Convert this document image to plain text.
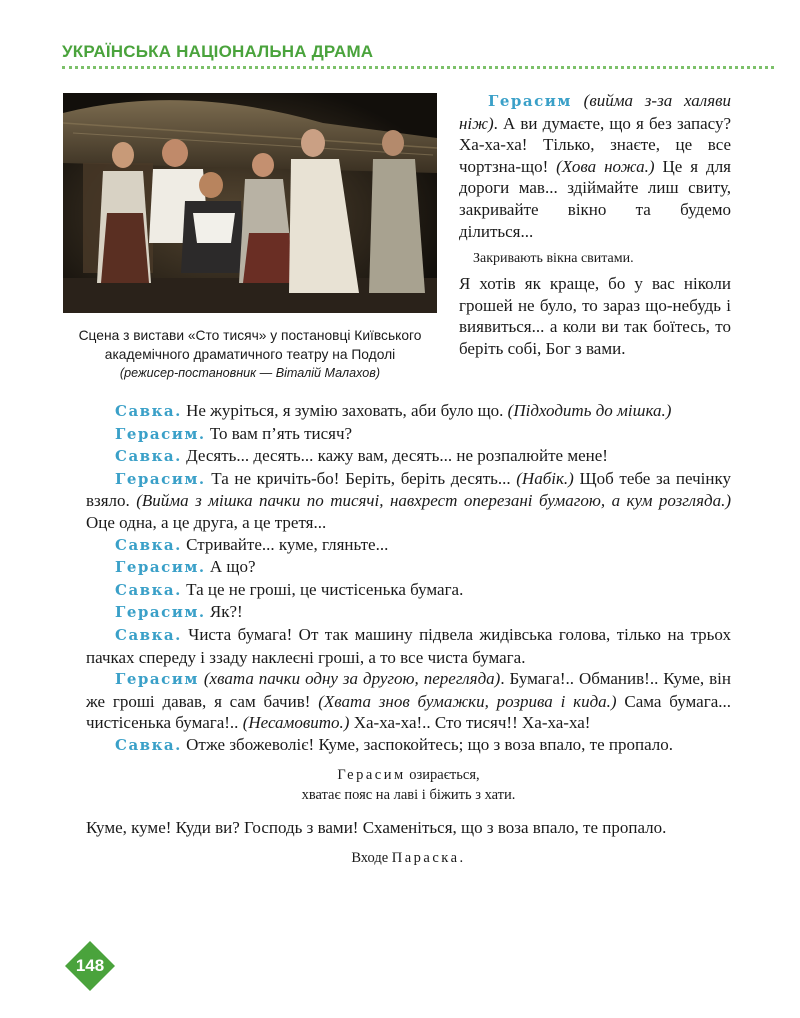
УКРАЇНСЬКА НАЦІОНАЛЬНА ДРАМА
Сцена з вистави «Сто тисяч» у постановці Київського
академічного драматичного театру на Подолі
(режисер-постановник — Віталій Малахов)

Герасим (виймa з-за халяви ніж). А ви думаєте, що я без запасу? Ха-ха-ха! Тілько, знаєте, це все чортзна-що! (Хова ножа.) Це я для дороги мав... здіймайте лиш свиту, закривайте вікно та будемо ділиться...

Закривають вікна свитами.

Я хотів як краще, бо у вас ніколи грошей не було, то зараз що-небудь і виявиться... а коли ви так боїтесь, то беріть собі, Бог з вами.

Савка. Не журіться, я зумію заховать, аби було що. (Підходить до мішка.)

Герасим. То вам п’ять тисяч?

Савка. Десять... десять... кажу вам, десять... не розпалюйте мене!

Герасим. Та не кричіть-бо! Беріть, беріть десять... (Набік.) Щоб тебе за печінку взяло. (Вийма з мішка пачки по тисячі, навхрест оперезані бумагою, а кум розгляда.) Оце одна, а це друга, а це третя...

Савка. Стривайте... куме, гляньте...

Герасим. А що?

Савка. Та це не гроші, це чистісенька бумага.

Герасим. Як?!

Савка. Чиста бумага! От так машину підвела жидівська голова, тілько на трьох пачках спереду і ззаду наклеєні гроші, а то все чиста бумага.

Герасим (хвата пачки одну за другою, перегляда). Бумага!.. Обманив!.. Куме, він же гроші давав, я сам бачив! (Хвата знов бумажки, розрива і кида.) Сама бумага... чистісенька бумага!.. (Несамовито.) Ха-ха-ха!.. Сто тисяч!! Ха-ха-ха!

Савка. Отже збожеволіє! Куме, заспокойтесь; що з воза впало, те пропало.

Герасим озирається,
хватає пояс на лаві і біжить з хати.

Куме, куме! Куди ви? Господь з вами! Схаменіться, що з воза впало, те пропало.

Входе Параска.
148
